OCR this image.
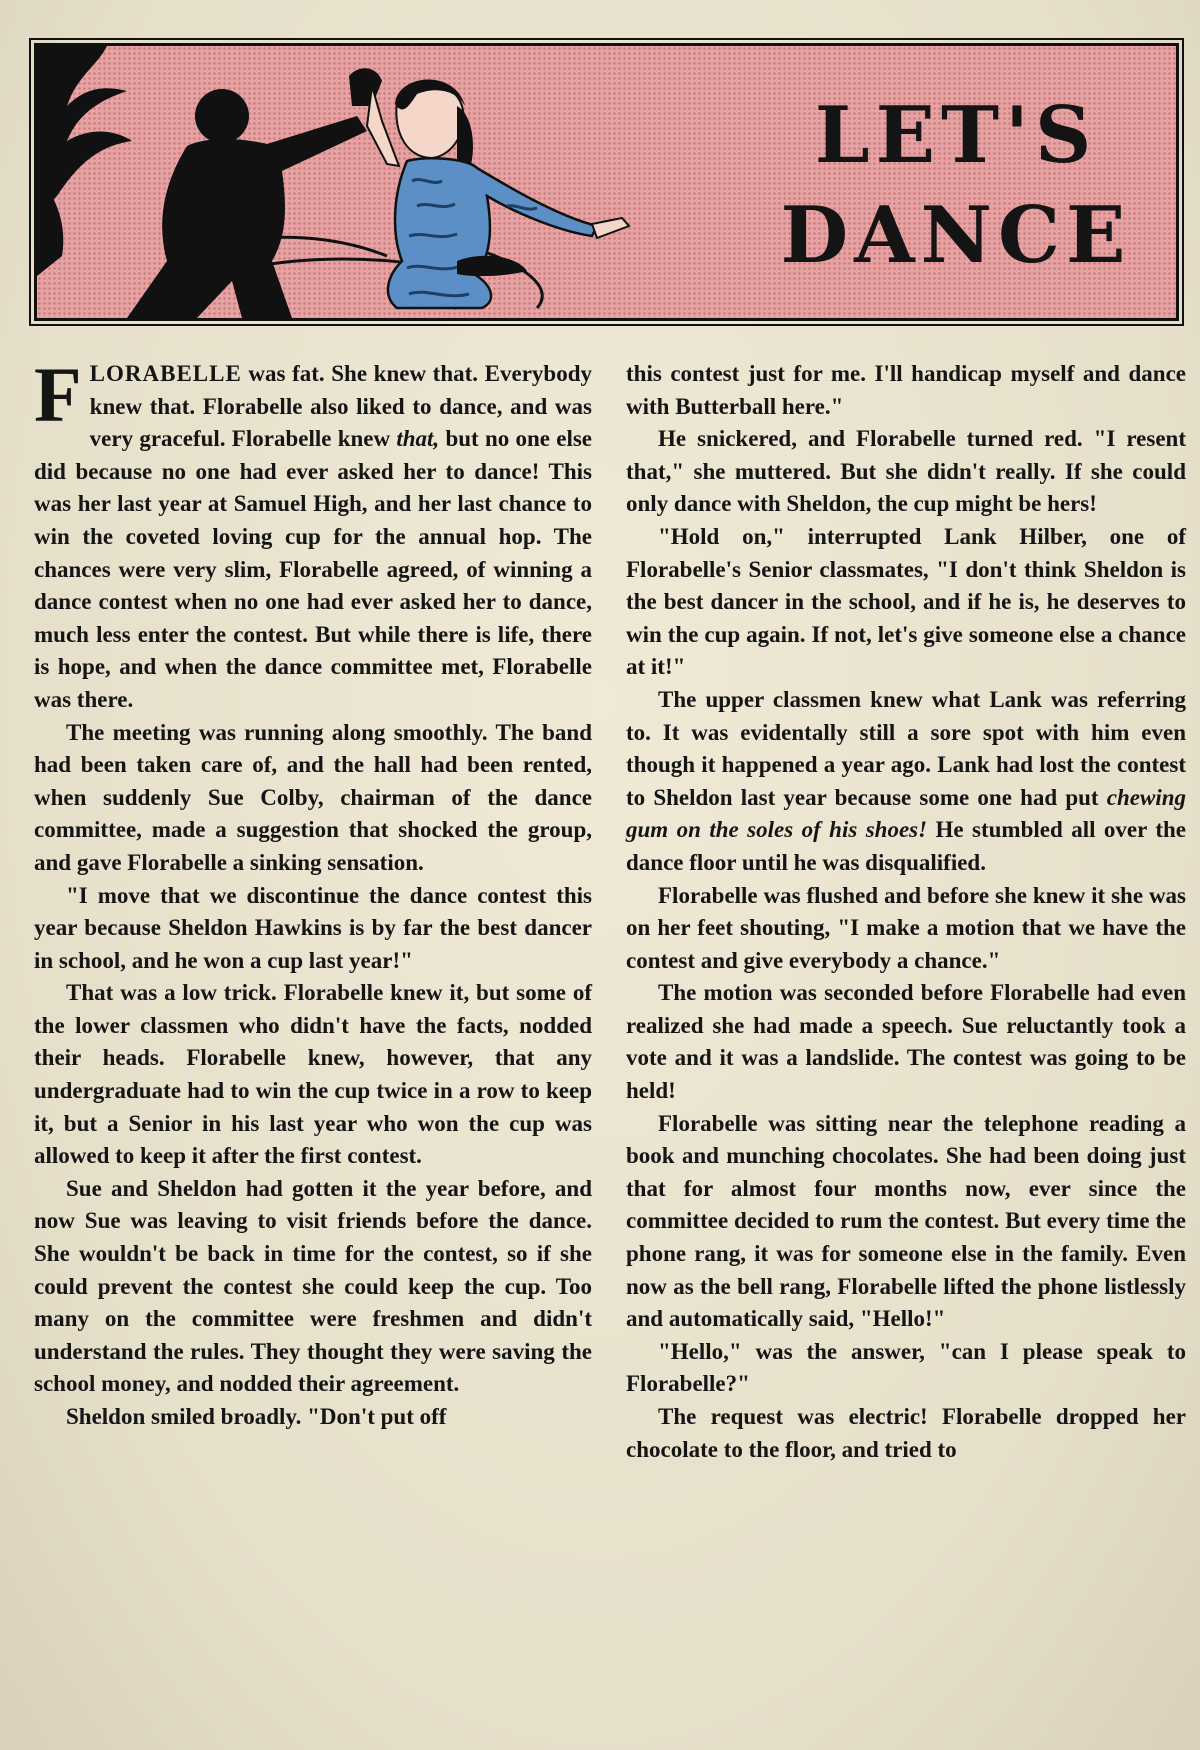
LET'S
DANCE

FLORABELLE was fat. She knew that. Everybody knew that. Florabelle also liked to dance, and was very graceful. Florabelle knew that, but no one else did because no one had ever asked her to dance! This was her last year at Samuel High, and her last chance to win the coveted loving cup for the annual hop. The chances were very slim, Florabelle agreed, of winning a dance contest when no one had ever asked her to dance, much less enter the contest. But while there is life, there is hope, and when the dance committee met, Florabelle was there.

The meeting was running along smoothly. The band had been taken care of, and the hall had been rented, when suddenly Sue Colby, chairman of the dance committee, made a suggestion that shocked the group, and gave Florabelle a sinking sensation.

"I move that we discontinue the dance contest this year because Sheldon Hawkins is by far the best dancer in school, and he won a cup last year!"

That was a low trick. Florabelle knew it, but some of the lower classmen who didn't have the facts, nodded their heads. Florabelle knew, however, that any undergraduate had to win the cup twice in a row to keep it, but a Senior in his last year who won the cup was allowed to keep it after the first contest.

Sue and Sheldon had gotten it the year before, and now Sue was leaving to visit friends before the dance. She wouldn't be back in time for the contest, so if she could prevent the contest she could keep the cup. Too many on the committee were freshmen and didn't understand the rules. They thought they were saving the school money, and nodded their agreement.

Sheldon smiled broadly. "Don't put off

this contest just for me. I'll handicap myself and dance with Butterball here."

He snickered, and Florabelle turned red. "I resent that," she muttered. But she didn't really. If she could only dance with Sheldon, the cup might be hers!

"Hold on," interrupted Lank Hilber, one of Florabelle's Senior classmates, "I don't think Sheldon is the best dancer in the school, and if he is, he deserves to win the cup again. If not, let's give someone else a chance at it!"

The upper classmen knew what Lank was referring to. It was evidentally still a sore spot with him even though it happened a year ago. Lank had lost the contest to Sheldon last year because some one had put chewing gum on the soles of his shoes! He stumbled all over the dance floor until he was disqualified.

Florabelle was flushed and before she knew it she was on her feet shouting, "I make a motion that we have the contest and give everybody a chance."

The motion was seconded before Florabelle had even realized she had made a speech. Sue reluctantly took a vote and it was a landslide. The contest was going to be held!

Florabelle was sitting near the telephone reading a book and munching chocolates. She had been doing just that for almost four months now, ever since the committee decided to rum the contest. But every time the phone rang, it was for someone else in the family. Even now as the bell rang, Florabelle lifted the phone listlessly and automatically said, "Hello!"

"Hello," was the answer, "can I please speak to Florabelle?"

The request was electric! Florabelle dropped her chocolate to the floor, and tried to
